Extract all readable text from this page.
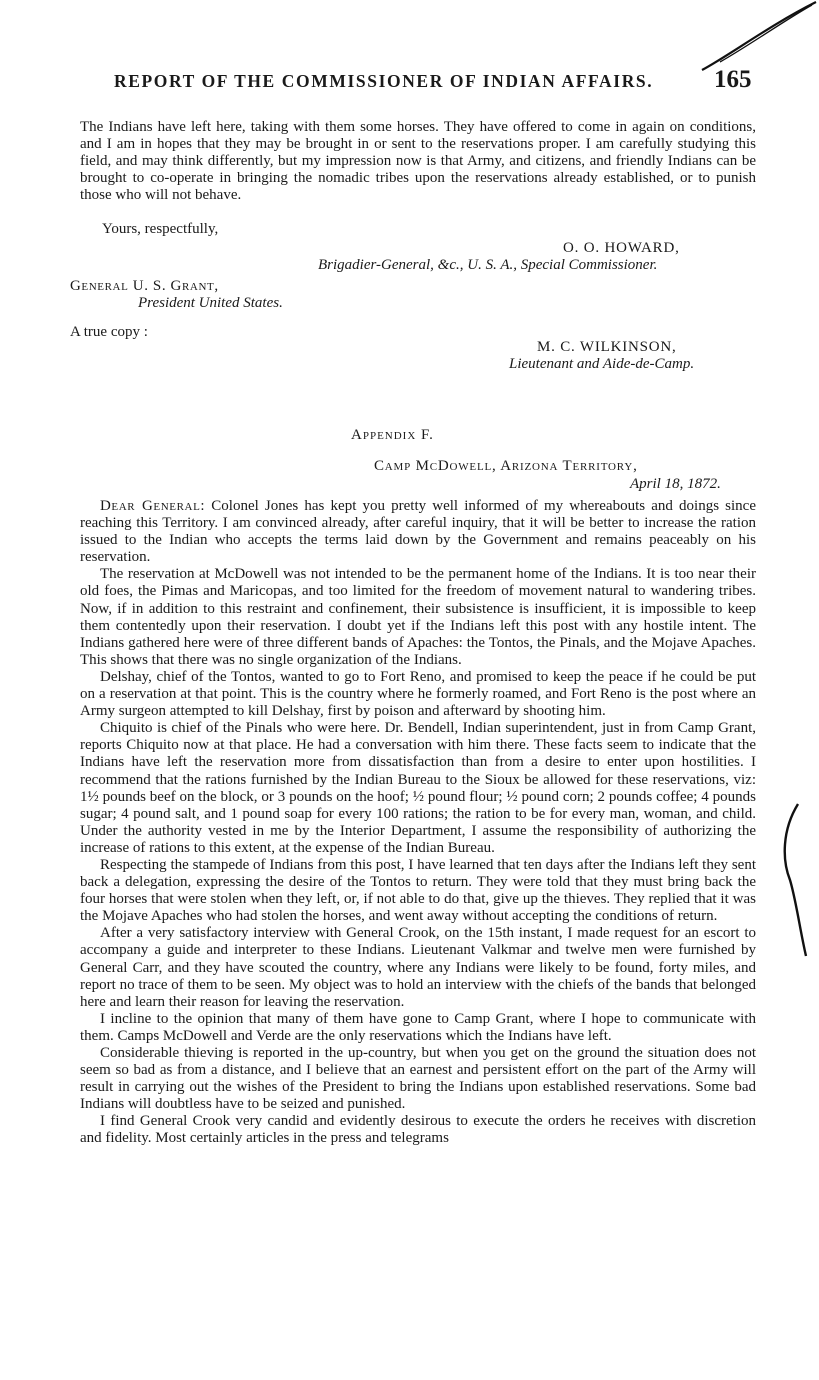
REPORT OF THE COMMISSIONER OF INDIAN AFFAIRS. 165

The Indians have left here, taking with them some horses. They have offered to come in again on conditions, and I am in hopes that they may be brought in or sent to the reservations proper. I am carefully studying this field, and may think differently, but my impression now is that Army, and citizens, and friendly Indians can be brought to co-operate in bringing the nomadic tribes upon the reservations already established, or to punish those who will not behave.

Yours, respectfully,
O. O. HOWARD,
Brigadier-General, &c., U. S. A., Special Commissioner.
General U. S. Grant,
President United States.
A true copy :
M. C. WILKINSON,
Lieutenant and Aide-de-Camp.
Appendix F.
Camp McDowell, Arizona Territory,
April 18, 1872.

Dear General: Colonel Jones has kept you pretty well informed of my whereabouts and doings since reaching this Territory. I am convinced already, after careful inquiry, that it will be better to increase the ration issued to the Indian who accepts the terms laid down by the Government and remains peaceably on his reservation.

The reservation at McDowell was not intended to be the permanent home of the Indians. It is too near their old foes, the Pimas and Maricopas, and too limited for the freedom of movement natural to wandering tribes. Now, if in addition to this restraint and confinement, their subsistence is insufficient, it is impossible to keep them contentedly upon their reservation. I doubt yet if the Indians left this post with any hostile intent. The Indians gathered here were of three different bands of Apaches: the Tontos, the Pinals, and the Mojave Apaches. This shows that there was no single organization of the Indians.

Delshay, chief of the Tontos, wanted to go to Fort Reno, and promised to keep the peace if he could be put on a reservation at that point. This is the country where he formerly roamed, and Fort Reno is the post where an Army surgeon attempted to kill Delshay, first by poison and afterward by shooting him.

Chiquito is chief of the Pinals who were here. Dr. Bendell, Indian superintendent, just in from Camp Grant, reports Chiquito now at that place. He had a conversation with him there. These facts seem to indicate that the Indians have left the reservation more from dissatisfaction than from a desire to enter upon hostilities. I recommend that the rations furnished by the Indian Bureau to the Sioux be allowed for these reservations, viz: 1½ pounds beef on the block, or 3 pounds on the hoof; ½ pound flour; ½ pound corn; 2 pounds coffee; 4 pounds sugar; 4 pound salt, and 1 pound soap for every 100 rations; the ration to be for every man, woman, and child. Under the authority vested in me by the Interior Department, I assume the responsibility of authorizing the increase of rations to this extent, at the expense of the Indian Bureau.

Respecting the stampede of Indians from this post, I have learned that ten days after the Indians left they sent back a delegation, expressing the desire of the Tontos to return. They were told that they must bring back the four horses that were stolen when they left, or, if not able to do that, give up the thieves. They replied that it was the Mojave Apaches who had stolen the horses, and went away without accepting the conditions of return.

After a very satisfactory interview with General Crook, on the 15th instant, I made request for an escort to accompany a guide and interpreter to these Indians. Lieutenant Valkmar and twelve men were furnished by General Carr, and they have scouted the country, where any Indians were likely to be found, forty miles, and report no trace of them to be seen. My object was to hold an interview with the chiefs of the bands that belonged here and learn their reason for leaving the reservation.

I incline to the opinion that many of them have gone to Camp Grant, where I hope to communicate with them. Camps McDowell and Verde are the only reservations which the Indians have left.

Considerable thieving is reported in the up-country, but when you get on the ground the situation does not seem so bad as from a distance, and I believe that an earnest and persistent effort on the part of the Army will result in carrying out the wishes of the President to bring the Indians upon established reservations. Some bad Indians will doubtless have to be seized and punished.

I find General Crook very candid and evidently desirous to execute the orders he receives with discretion and fidelity. Most certainly articles in the press and telegrams
